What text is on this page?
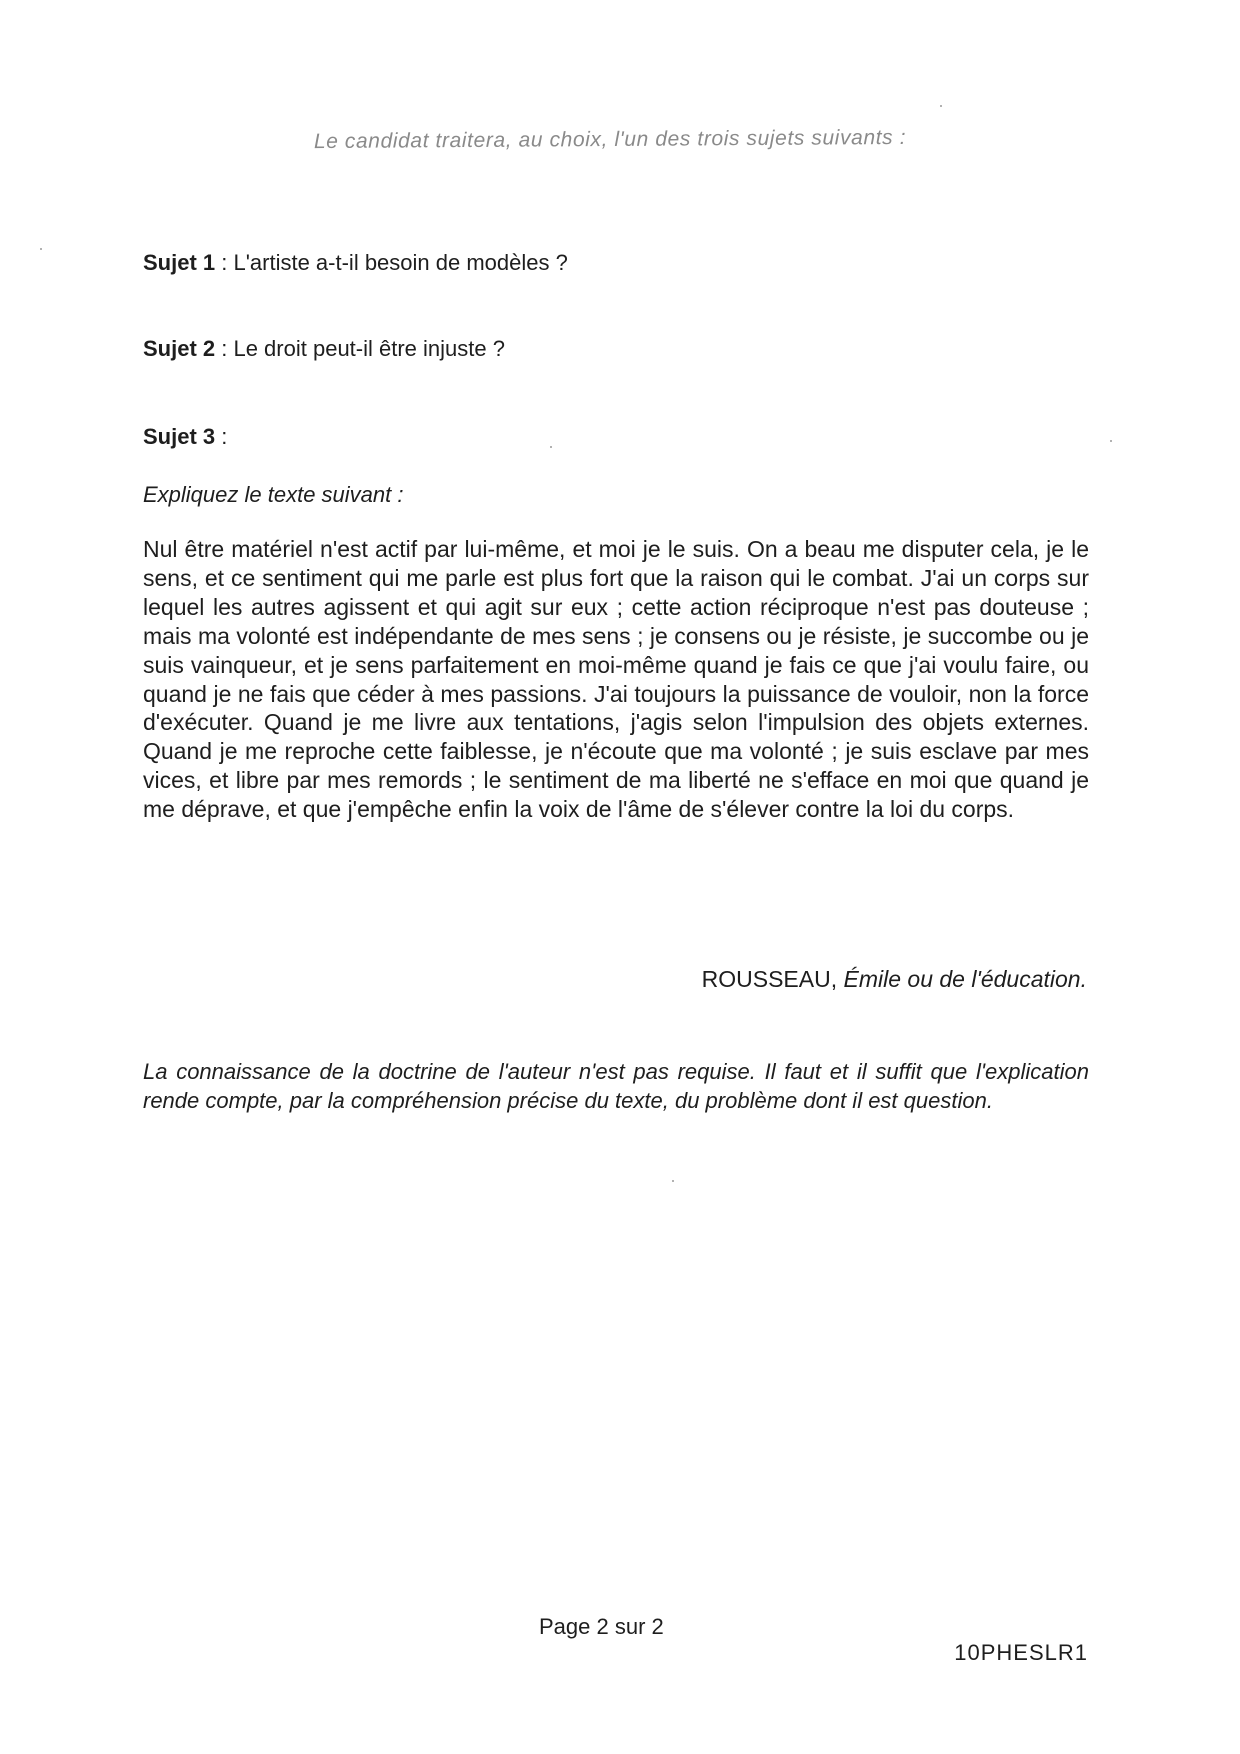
Le candidat traitera, au choix, l'un des trois sujets suivants :
Sujet 1 : L'artiste a-t-il besoin de modèles ?
Sujet 2 : Le droit peut-il être injuste ?
Sujet 3 :
Expliquez le texte suivant :
Nul être matériel n'est actif par lui-même, et moi je le suis. On a beau me disputer cela, je le sens, et ce sentiment qui me parle est plus fort que la raison qui le combat. J'ai un corps sur lequel les autres agissent et qui agit sur eux ; cette action réciproque n'est pas douteuse ; mais ma volonté est indépendante de mes sens ; je consens ou je résiste, je succombe ou je suis vainqueur, et je sens parfaitement en moi-même quand je fais ce que j'ai voulu faire, ou quand je ne fais que céder à mes passions. J'ai toujours la puissance de vouloir, non la force d'exécuter. Quand je me livre aux tentations, j'agis selon l'impulsion des objets externes. Quand je me reproche cette faiblesse, je n'écoute que ma volonté ; je suis esclave par mes vices, et libre par mes remords ; le sentiment de ma liberté ne s'efface en moi que quand je me déprave, et que j'empêche enfin la voix de l'âme de s'élever contre la loi du corps.
ROUSSEAU, Émile ou de l'éducation.
La connaissance de la doctrine de l'auteur n'est pas requise. Il faut et il suffit que l'explication rende compte, par la compréhension précise du texte, du problème dont il est question.
Page 2 sur 2
10PHESLR1
